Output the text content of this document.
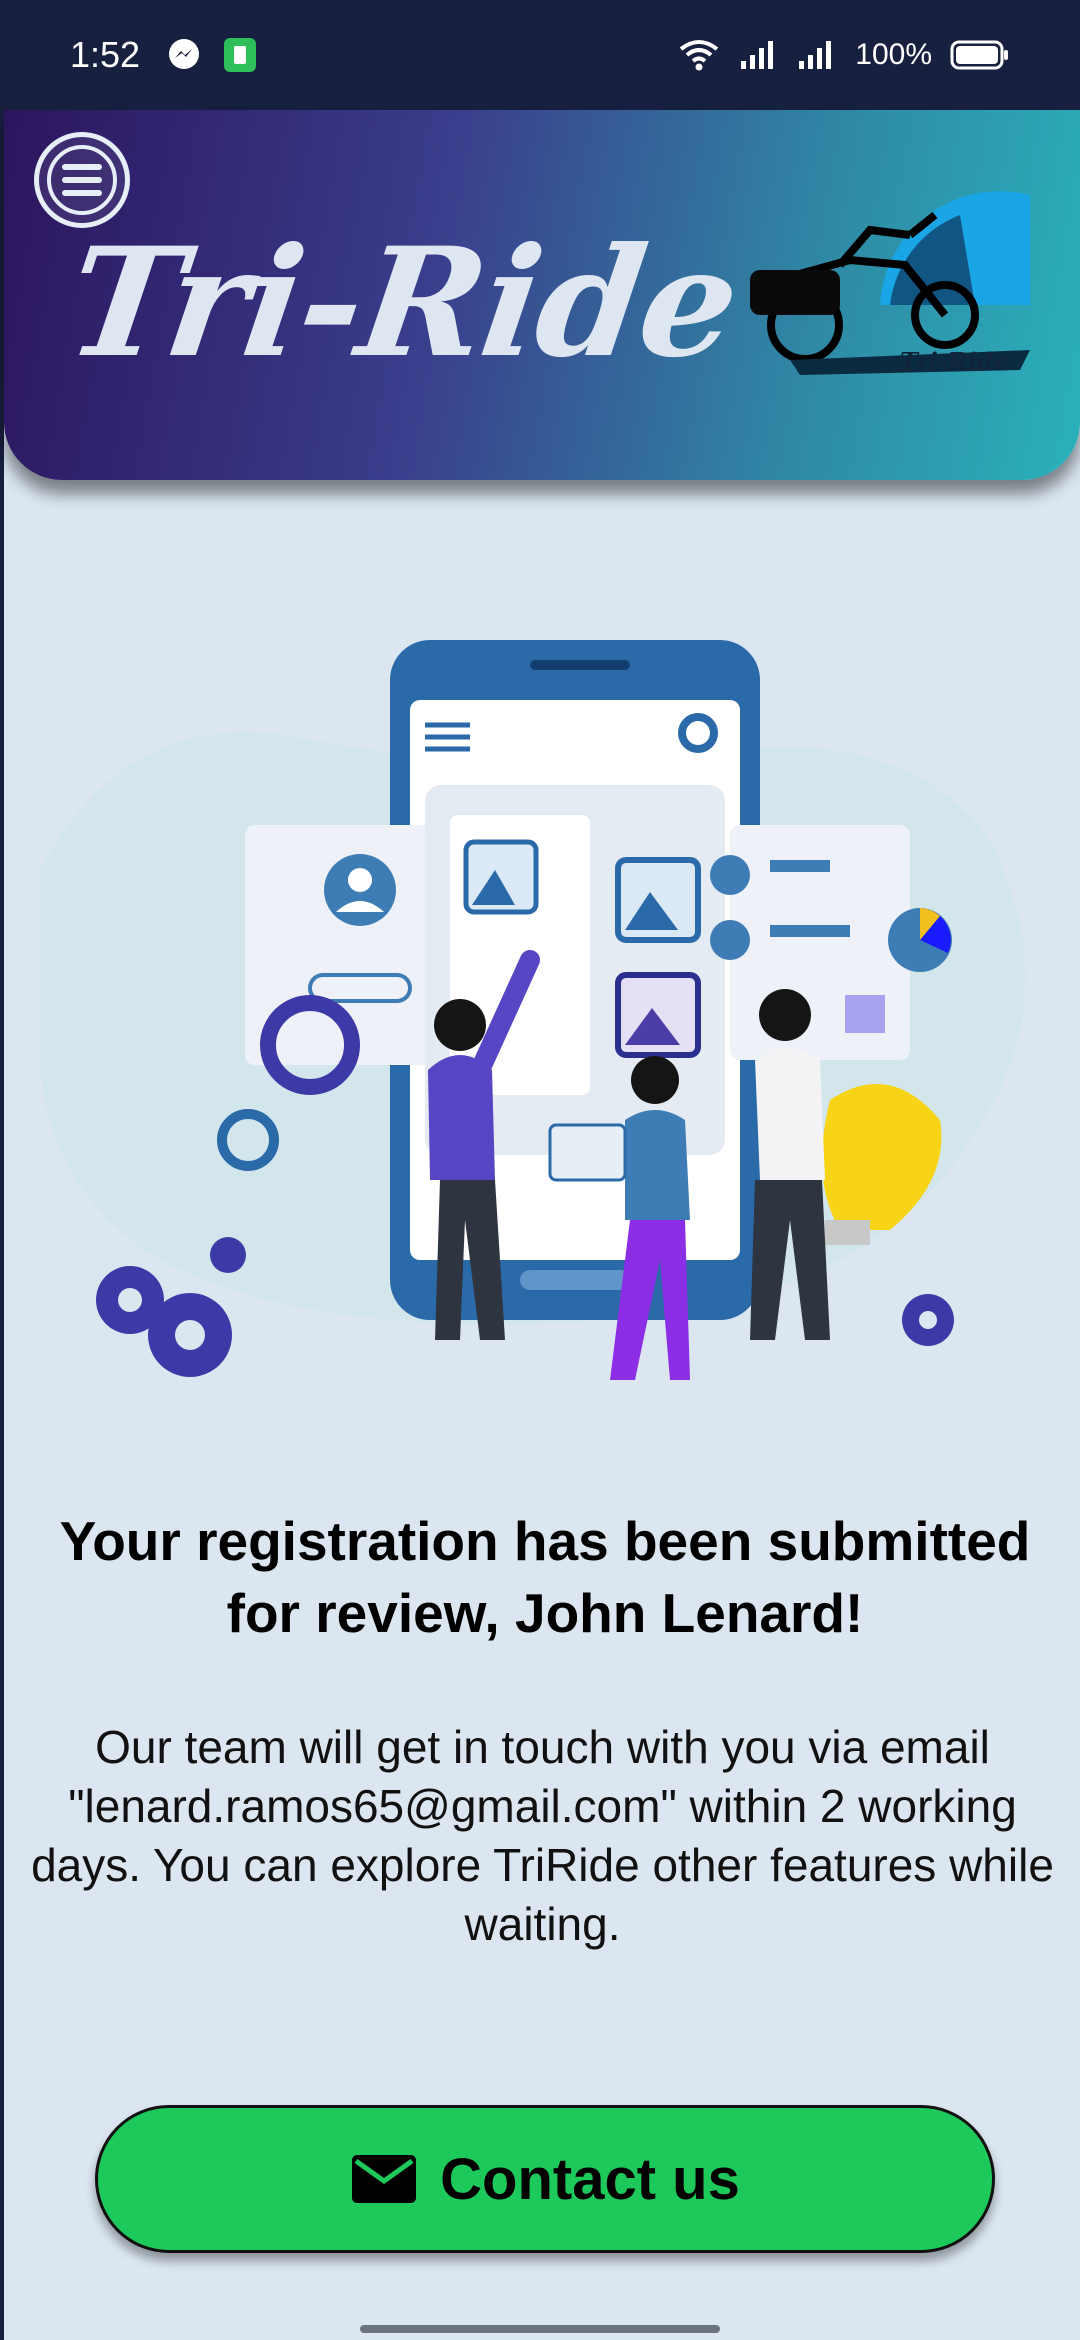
1:52	100%
Tri-Ride	Tri-Ride
Your registration has been submitted for review, John Lenard!
Our team will get in touch with you via email "lenard.ramos65@gmail.com" within 2 working days. You can explore TriRide other features while waiting.
Contact us
